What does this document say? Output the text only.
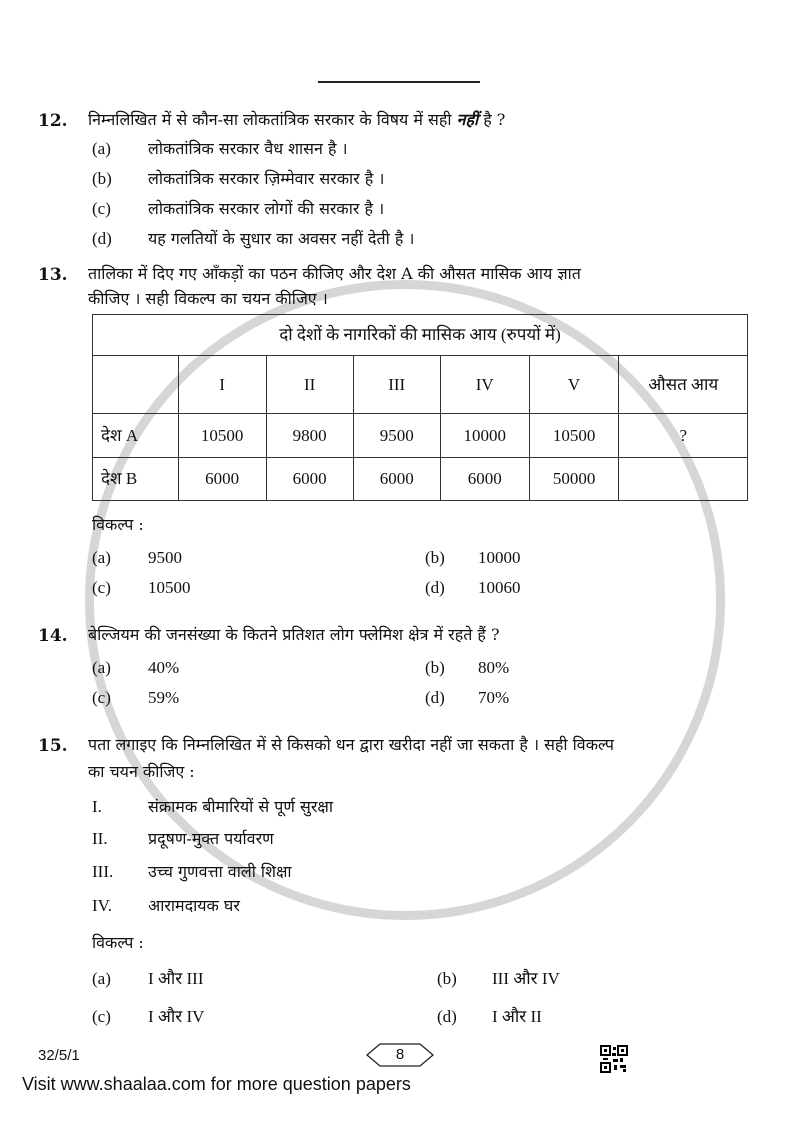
12. निम्नलिखित में से कौन-सा लोकतांत्रिक सरकार के विषय में सही नहीं है ?
(a) लोकतांत्रिक सरकार वैध शासन है ।
(b) लोकतांत्रिक सरकार ज़िम्मेवार सरकार है ।
(c) लोकतांत्रिक सरकार लोगों की सरकार है ।
(d) यह गलतियों के सुधार का अवसर नहीं देती है ।
13. तालिका में दिए गए आँकड़ों का पठन कीजिए और देश A की औसत मासिक आय ज्ञात
कीजिए । सही विकल्प का चयन कीजिए ।
दो देशों के नागरिकों की मासिक आय (रुपयों में)						
	I	II	III	IV	V	औसत आय
देश A	10500	9800	9500	10000	10500	?
देश B	6000	6000	6000	6000	50000	
विकल्प :
(a) 9500	(b) 10000
(c) 10500	(d) 10060
14. बेल्जियम की जनसंख्या के कितने प्रतिशत लोग फ्लेमिश क्षेत्र में रहते हैं ?
(a) 40%	(b) 80%
(c) 59%	(d) 70%
15. पता लगाइए कि निम्नलिखित में से किसको धन द्वारा खरीदा नहीं जा सकता है । सही विकल्प
का चयन कीजिए :
I.	संक्रामक बीमारियों से पूर्ण सुरक्षा
II.	प्रदूषण-मुक्त पर्यावरण
III. उच्च गुणवत्ता वाली शिक्षा
IV. आरामदायक घर
विकल्प :
(a) I और III	(b) III और IV
(c) I और IV	(d) I और II
32/5/1	8
Visit www.shaalaa.com for more question papers
